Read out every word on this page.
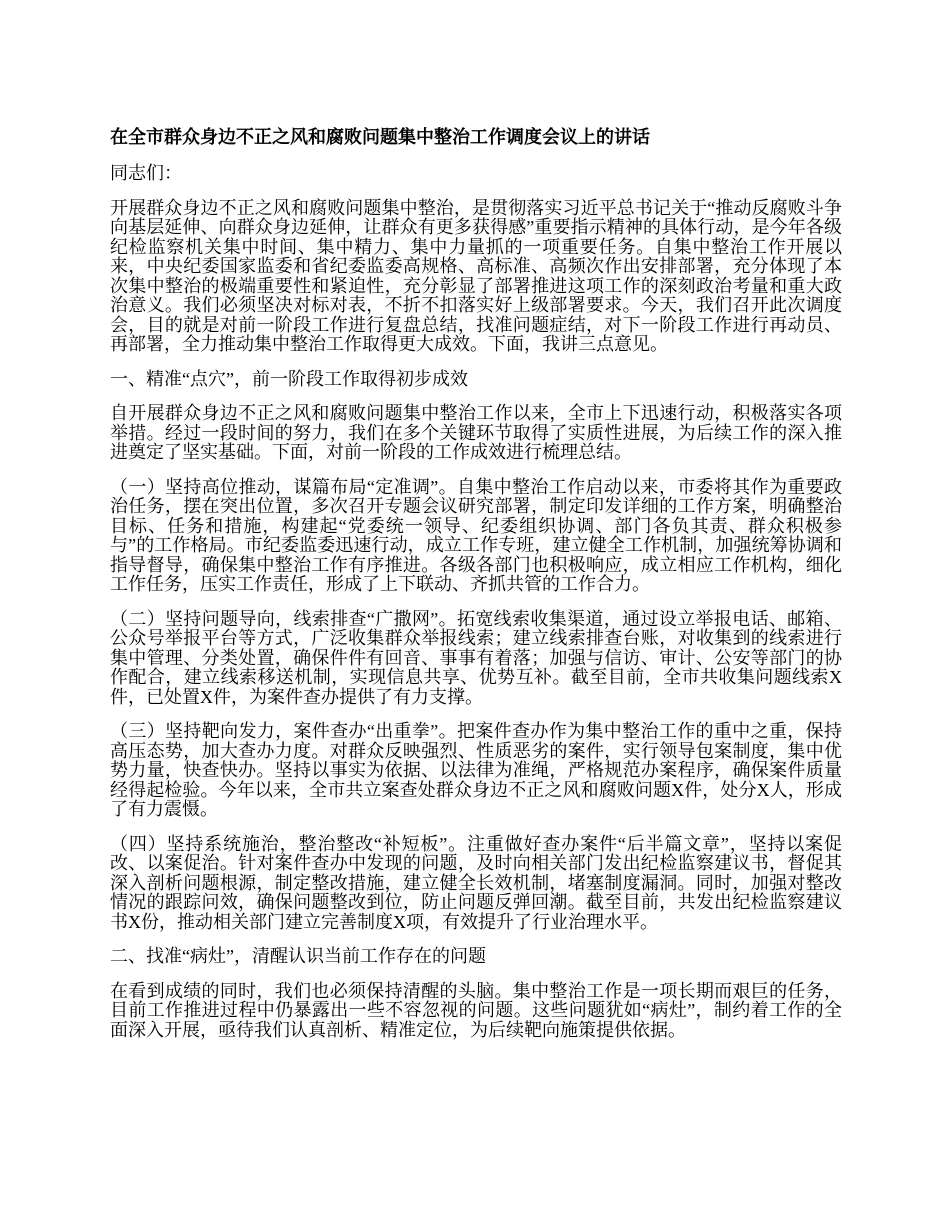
在全市群众身边不正之风和腐败问题集中整治工作调度会议上的讲话

同志们：

开展群众身边不正之风和腐败问题集中整治，是贯彻落实习近平总书记关于“推动反腐败斗争向基层延伸、向群众身边延伸，让群众有更多获得感”重要指示精神的具体行动，是今年各级纪检监察机关集中时间、集中精力、集中力量抓的一项重要任务。自集中整治工作开展以来，中央纪委国家监委和省纪委监委高规格、高标准、高频次作出安排部署，充分体现了本次集中整治的极端重要性和紧迫性，充分彰显了部署推进这项工作的深刻政治考量和重大政治意义。我们必须坚决对标对表，不折不扣落实好上级部署要求。今天，我们召开此次调度会，目的就是对前一阶段工作进行复盘总结，找准问题症结，对下一阶段工作进行再动员、再部署，全力推动集中整治工作取得更大成效。下面，我讲三点意见。

一、精准“点穴”，前一阶段工作取得初步成效

自开展群众身边不正之风和腐败问题集中整治工作以来，全市上下迅速行动，积极落实各项举措。经过一段时间的努力，我们在多个关键环节取得了实质性进展，为后续工作的深入推进奠定了坚实基础。下面，对前一阶段的工作成效进行梳理总结。

（一）坚持高位推动，谋篇布局“定准调”。自集中整治工作启动以来，市委将其作为重要政治任务，摆在突出位置，多次召开专题会议研究部署，制定印发详细的工作方案，明确整治目标、任务和措施，构建起“党委统一领导、纪委组织协调、部门各负其责、群众积极参与”的工作格局。市纪委监委迅速行动，成立工作专班，建立健全工作机制，加强统筹协调和指导督导，确保集中整治工作有序推进。各级各部门也积极响应，成立相应工作机构，细化工作任务，压实工作责任，形成了上下联动、齐抓共管的工作合力。

（二）坚持问题导向，线索排查“广撒网”。拓宽线索收集渠道，通过设立举报电话、邮箱、公众号举报平台等方式，广泛收集群众举报线索；建立线索排查台账，对收集到的线索进行集中管理、分类处置，确保件件有回音、事事有着落；加强与信访、审计、公安等部门的协作配合，建立线索移送机制，实现信息共享、优势互补。截至目前，全市共收集问题线索X件，已处置X件，为案件查办提供了有力支撑。

（三）坚持靶向发力，案件查办“出重拳”。把案件查办作为集中整治工作的重中之重，保持高压态势，加大查办力度。对群众反映强烈、性质恶劣的案件，实行领导包案制度，集中优势力量，快查快办。坚持以事实为依据、以法律为准绳，严格规范办案程序，确保案件质量经得起检验。今年以来，全市共立案查处群众身边不正之风和腐败问题X件，处分X人，形成了有力震慑。

（四）坚持系统施治，整治整改“补短板”。注重做好查办案件“后半篇文章”，坚持以案促改、以案促治。针对案件查办中发现的问题，及时向相关部门发出纪检监察建议书，督促其深入剖析问题根源，制定整改措施，建立健全长效机制，堵塞制度漏洞。同时，加强对整改情况的跟踪问效，确保问题整改到位，防止问题反弹回潮。截至目前，共发出纪检监察建议书X份，推动相关部门建立完善制度X项，有效提升了行业治理水平。

二、找准“病灶”，清醒认识当前工作存在的问题

在看到成绩的同时，我们也必须保持清醒的头脑。集中整治工作是一项长期而艰巨的任务，目前工作推进过程中仍暴露出一些不容忽视的问题。这些问题犹如“病灶”，制约着工作的全面深入开展，亟待我们认真剖析、精准定位，为后续靶向施策提供依据。
